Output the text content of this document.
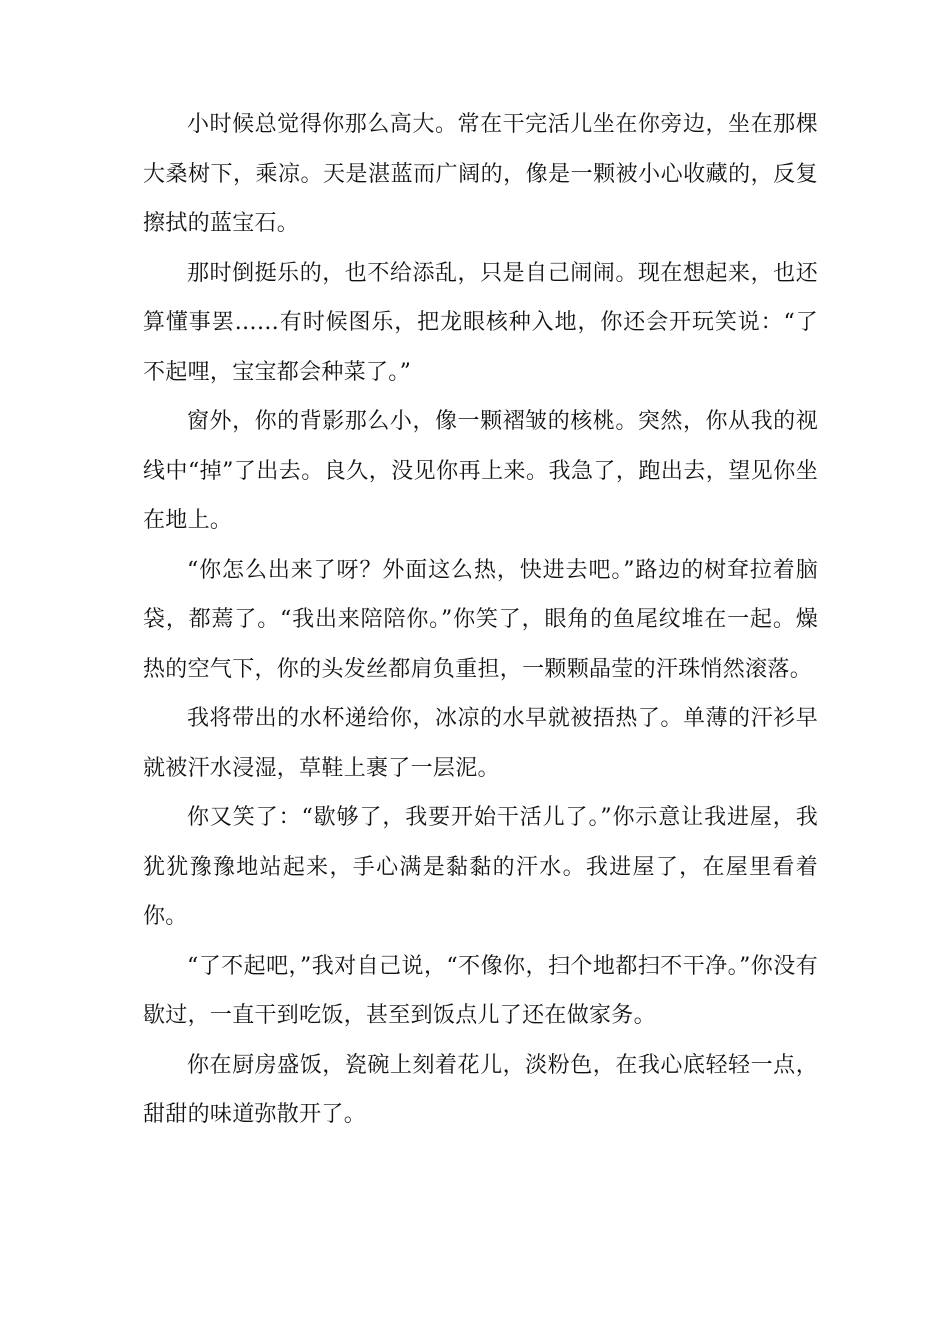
小时候总觉得你那么高大。常在干完活儿坐在你旁边，坐在那棵大桑树下，乘凉。天是湛蓝而广阔的，像是一颗被小心收藏的，反复擦拭的蓝宝石。

那时倒挺乐的，也不给添乱，只是自己闹闹。现在想起来，也还算懂事罢……有时候图乐，把龙眼核种入地，你还会开玩笑说：“了不起哩，宝宝都会种菜了。”

窗外，你的背影那么小，像一颗褶皱的核桃。突然，你从我的视线中“掉”了出去。良久，没见你再上来。我急了，跑出去，望见你坐在地上。

“你怎么出来了呀？外面这么热，快进去吧。”路边的树耷拉着脑袋，都蔫了。“我出来陪陪你。”你笑了，眼角的鱼尾纹堆在一起。燥热的空气下，你的头发丝都肩负重担，一颗颗晶莹的汗珠悄然滚落。

我将带出的水杯递给你，冰凉的水早就被捂热了。单薄的汗衫早就被汗水浸湿，草鞋上裹了一层泥。

你又笑了：“歇够了，我要开始干活儿了。”你示意让我进屋，我犹犹豫豫地站起来，手心满是黏黏的汗水。我进屋了，在屋里看着你。

“了不起吧，”我对自己说，“不像你，扫个地都扫不干净。”你没有歇过，一直干到吃饭，甚至到饭点儿了还在做家务。

你在厨房盛饭，瓷碗上刻着花儿，淡粉色，在我心底轻轻一点，甜甜的味道弥散开了。
